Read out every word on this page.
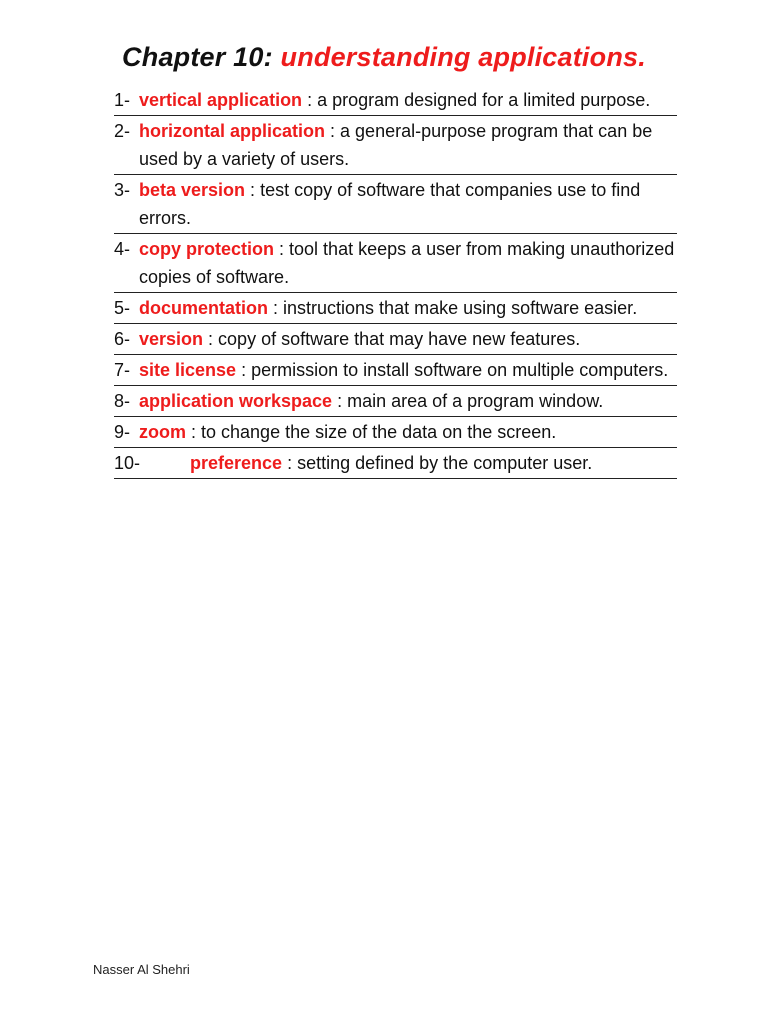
Chapter 10: understanding applications.
1- vertical application : a program designed for a limited purpose.
2- horizontal application : a general-purpose program that can be used by a variety of users.
3- beta version : test copy of software that companies use to find errors.
4- copy protection : tool that keeps a user from making unauthorized copies of software.
5- documentation : instructions that make using software easier.
6- version : copy of software that may have new features.
7- site license : permission to install software on multiple computers.
8- application workspace : main area of a program window.
9- zoom : to change the size of the data on the screen.
10-	preference : setting defined by the computer user.
Nasser Al Shehri
